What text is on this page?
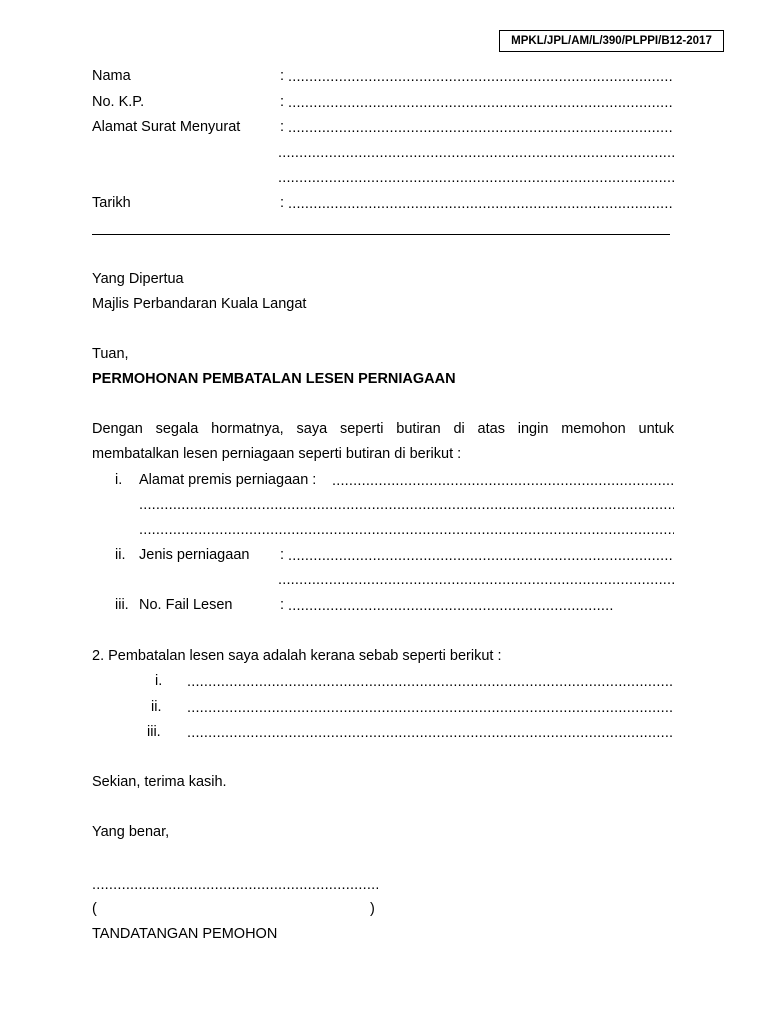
MPKL/JPL/AM/L/390/PLPPI/B12-2017
Nama	:
.....
No. K.P.	:
.....
Alamat Surat Menyurat	:
.....
.....
.....
Tarikh	:
.....
Yang Dipertua
Majlis Perbandaran Kuala Langat
Tuan,
PERMOHONAN PEMBATALAN LESEN PERNIAGAAN
Dengan segala hormatnya, saya seperti butiran di atas ingin memohon untuk
membatalkan lesen perniagaan seperti butiran di berikut :
i. Alamat premis perniagaan :
.....
.....
.....
ii. Jenis perniagaan :
.....
.....
iii. No. Fail Lesen	:
.....
2. Pembatalan lesen saya adalah kerana sebab seperti berikut :
i.
.....
ii.
.....
iii.
.....
Sekian, terima kasih.
Yang benar,
.....
(	)
TANDATANGAN PEMOHON
